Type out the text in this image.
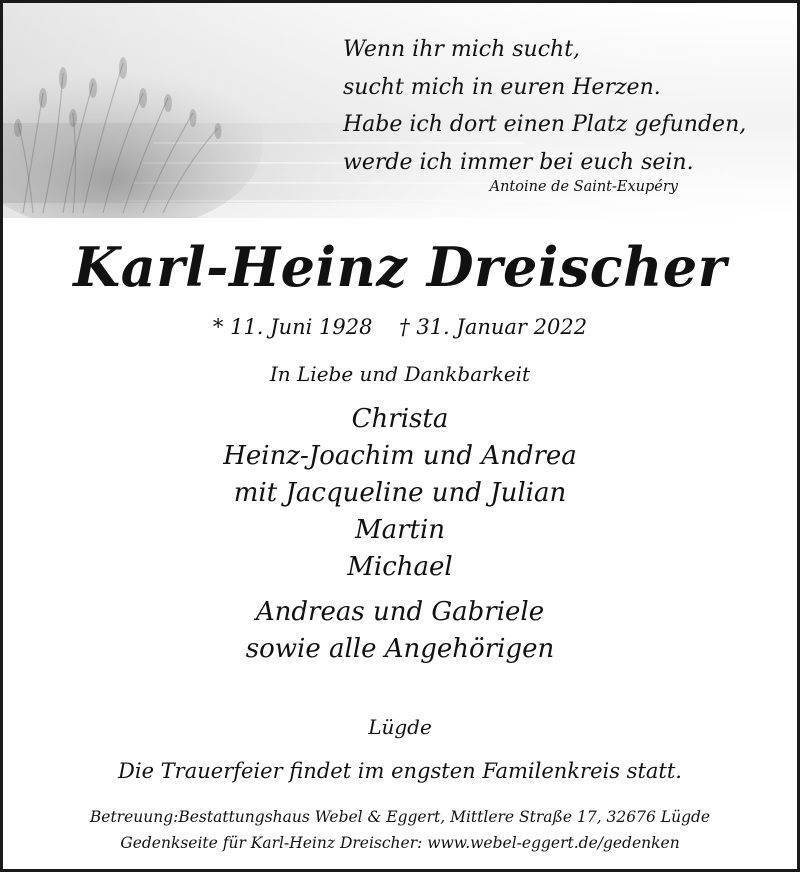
Wenn ihr mich sucht,
sucht mich in euren Herzen.
Habe ich dort einen Platz gefunden,
werde ich immer bei euch sein.
Antoine de Saint-Exupéry
Karl-Heinz Dreischer
* 11. Juni 1928 † 31. Januar 2022
In Liebe und Dankbarkeit
Christa
Heinz-Joachim und Andrea
mit Jacqueline und Julian
Martin
Michael
Andreas und Gabriele
sowie alle Angehörigen
Lügde
Die Trauerfeier findet im engsten Familenkreis statt.
Betreuung:Bestattungshaus Webel & Eggert, Mittlere Straße 17, 32676 Lügde
Gedenkseite für Karl-Heinz Dreischer: www.webel-eggert.de/gedenken
